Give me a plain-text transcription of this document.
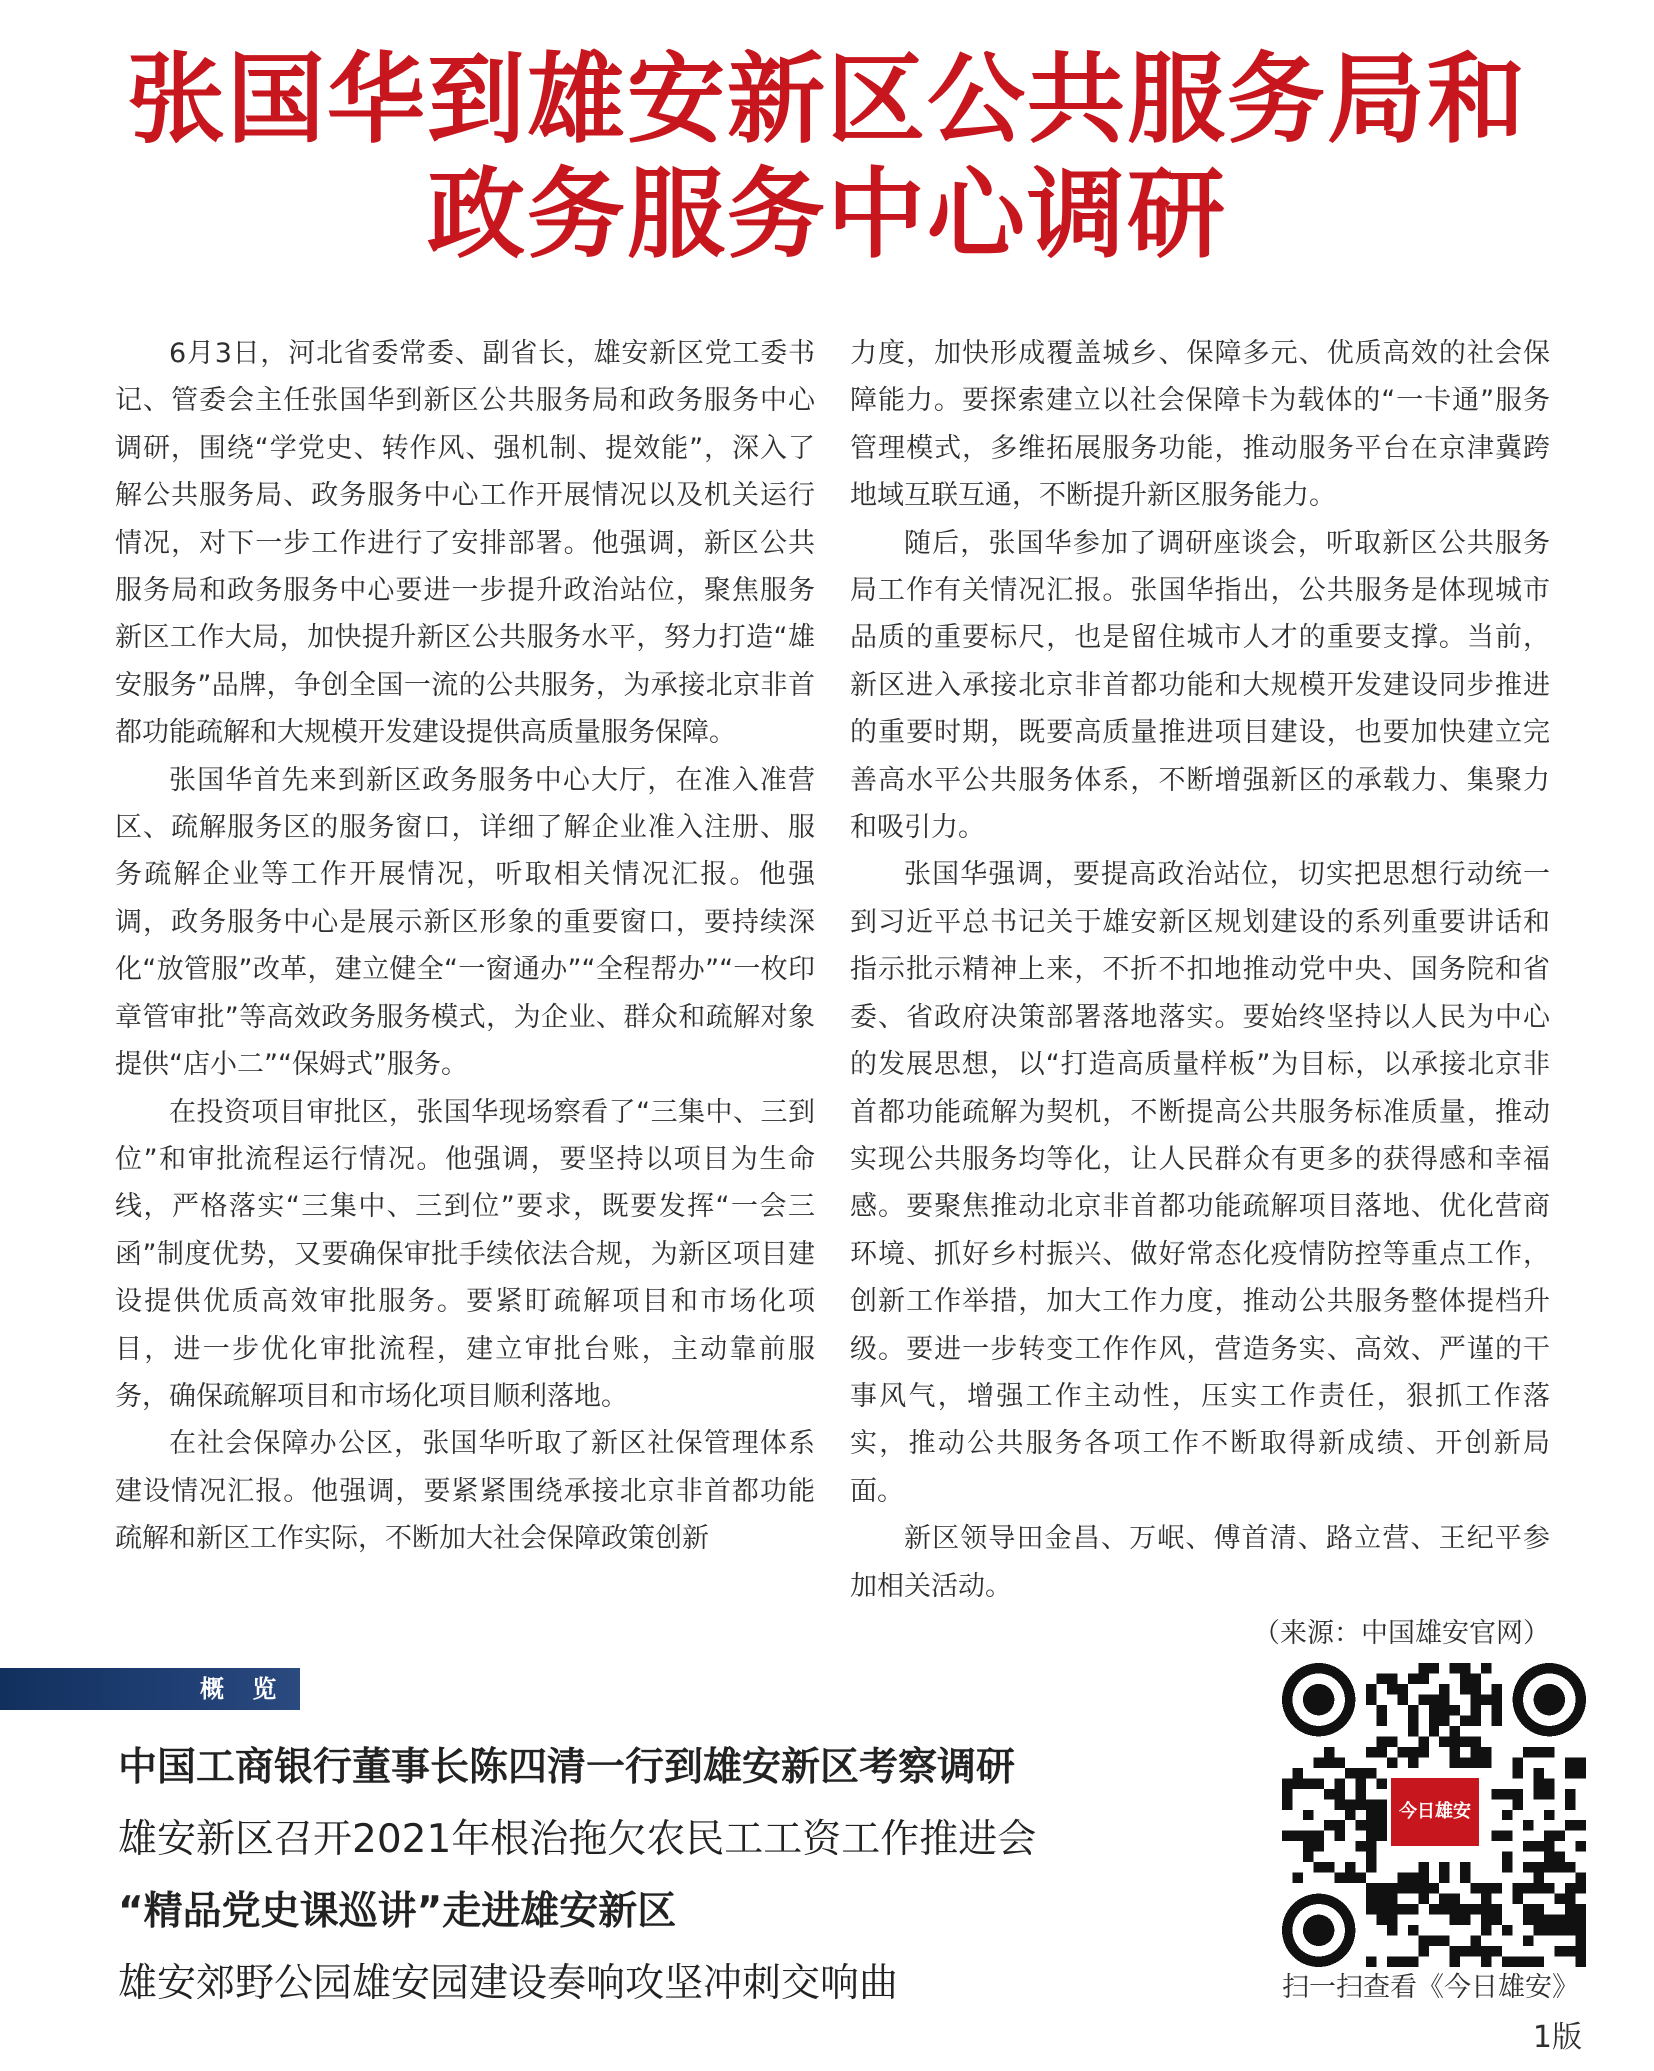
张国华到雄安新区公共服务局和
政务服务中心调研

6月3日，河北省委常委、副省长，雄安新区党工委书记、管委会主任张国华到新区公共服务局和政务服务中心调研，围绕“学党史、转作风、强机制、提效能”，深入了解公共服务局、政务服务中心工作开展情况以及机关运行情况，对下一步工作进行了安排部署。他强调，新区公共服务局和政务服务中心要进一步提升政治站位，聚焦服务新区工作大局，加快提升新区公共服务水平，努力打造“雄安服务”品牌，争创全国一流的公共服务，为承接北京非首都功能疏解和大规模开发建设提供高质量服务保障。

张国华首先来到新区政务服务中心大厅，在准入准营区、疏解服务区的服务窗口，详细了解企业准入注册、服务疏解企业等工作开展情况，听取相关情况汇报。他强调，政务服务中心是展示新区形象的重要窗口，要持续深化“放管服”改革，建立健全“一窗通办”“全程帮办”“一枚印章管审批”等高效政务服务模式，为企业、群众和疏解对象提供“店小二”“保姆式”服务。

在投资项目审批区，张国华现场察看了“三集中、三到位”和审批流程运行情况。他强调，要坚持以项目为生命线，严格落实“三集中、三到位”要求，既要发挥“一会三函”制度优势，又要确保审批手续依法合规，为新区项目建设提供优质高效审批服务。要紧盯疏解项目和市场化项目，进一步优化审批流程，建立审批台账，主动靠前服务，确保疏解项目和市场化项目顺利落地。

在社会保障办公区，张国华听取了新区社保管理体系建设情况汇报。他强调，要紧紧围绕承接北京非首都功能疏解和新区工作实际，不断加大社会保障政策创新

力度，加快形成覆盖城乡、保障多元、优质高效的社会保障能力。要探索建立以社会保障卡为载体的“一卡通”服务管理模式，多维拓展服务功能，推动服务平台在京津冀跨地域互联互通，不断提升新区服务能力。

随后，张国华参加了调研座谈会，听取新区公共服务局工作有关情况汇报。张国华指出，公共服务是体现城市品质的重要标尺，也是留住城市人才的重要支撑。当前，新区进入承接北京非首都功能和大规模开发建设同步推进的重要时期，既要高质量推进项目建设，也要加快建立完善高水平公共服务体系，不断增强新区的承载力、集聚力和吸引力。

张国华强调，要提高政治站位，切实把思想行动统一到习近平总书记关于雄安新区规划建设的系列重要讲话和指示批示精神上来，不折不扣地推动党中央、国务院和省委、省政府决策部署落地落实。要始终坚持以人民为中心的发展思想，以“打造高质量样板”为目标，以承接北京非首都功能疏解为契机，不断提高公共服务标准质量，推动实现公共服务均等化，让人民群众有更多的获得感和幸福感。要聚焦推动北京非首都功能疏解项目落地、优化营商环境、抓好乡村振兴、做好常态化疫情防控等重点工作，创新工作举措，加大工作力度，推动公共服务整体提档升级。要进一步转变工作作风，营造务实、高效、严谨的干事风气，增强工作主动性，压实工作责任，狠抓工作落实，推动公共服务各项工作不断取得新成绩、开创新局面。

新区领导田金昌、万岷、傅首清、路立营、王纪平参加相关活动。

（来源：中国雄安官网）

概 览
中国工商银行董事长陈四清一行到雄安新区考察调研
雄安新区召开2021年根治拖欠农民工工资工作推进会
“精品党史课巡讲”走进雄安新区
雄安郊野公园雄安园建设奏响攻坚冲刺交响曲
今日雄安
扫一扫查看《今日雄安》
1版
